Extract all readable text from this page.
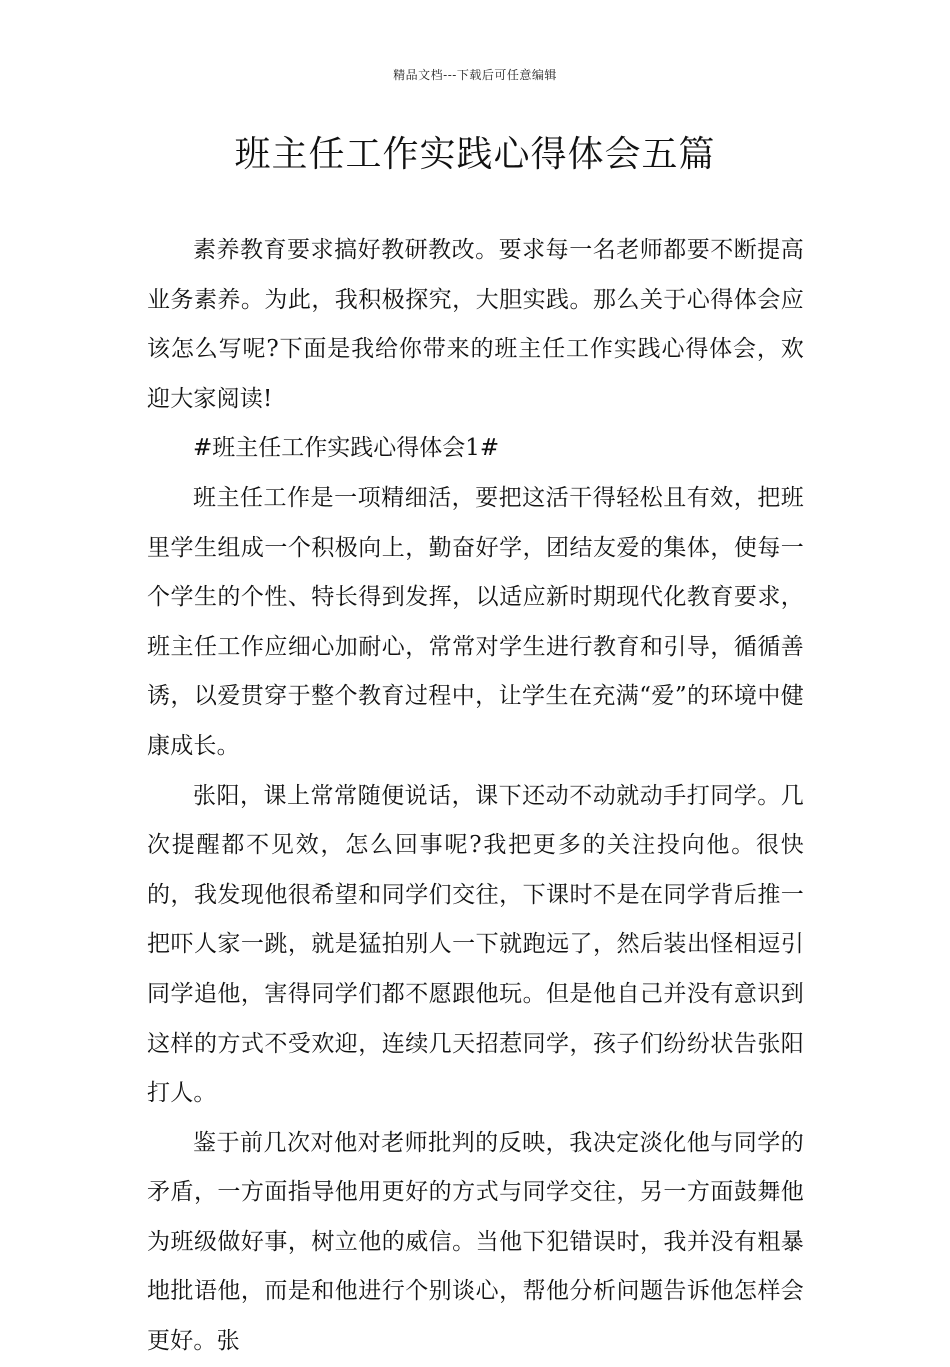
精品文档---下载后可任意编辑
班主任工作实践心得体会五篇

素养教育要求搞好教研教改。要求每一名老师都要不断提高业务素养。为此，我积极探究，大胆实践。那么关于心得体会应该怎么写呢?下面是我给你带来的班主任工作实践心得体会，欢迎大家阅读!

#班主任工作实践心得体会1#

班主任工作是一项精细活，要把这活干得轻松且有效，把班里学生组成一个积极向上，勤奋好学，团结友爱的集体，使每一个学生的个性、特长得到发挥，以适应新时期现代化教育要求，班主任工作应细心加耐心，常常对学生进行教育和引导，循循善诱，以爱贯穿于整个教育过程中，让学生在充满“爱”的环境中健康成长。

张阳，课上常常随便说话，课下还动不动就动手打同学。几次提醒都不见效，怎么回事呢?我把更多的关注投向他。很快的，我发现他很希望和同学们交往，下课时不是在同学背后推一把吓人家一跳，就是猛拍别人一下就跑远了，然后装出怪相逗引同学追他，害得同学们都不愿跟他玩。但是他自己并没有意识到这样的方式不受欢迎，连续几天招惹同学，孩子们纷纷状告张阳打人。

鉴于前几次对他对老师批判的反映，我决定淡化他与同学的矛盾，一方面指导他用更好的方式与同学交往，另一方面鼓舞他为班级做好事，树立他的威信。当他下犯错误时，我并没有粗暴地批语他，而是和他进行个别谈心，帮他分析问题告诉他怎样会更好。张
